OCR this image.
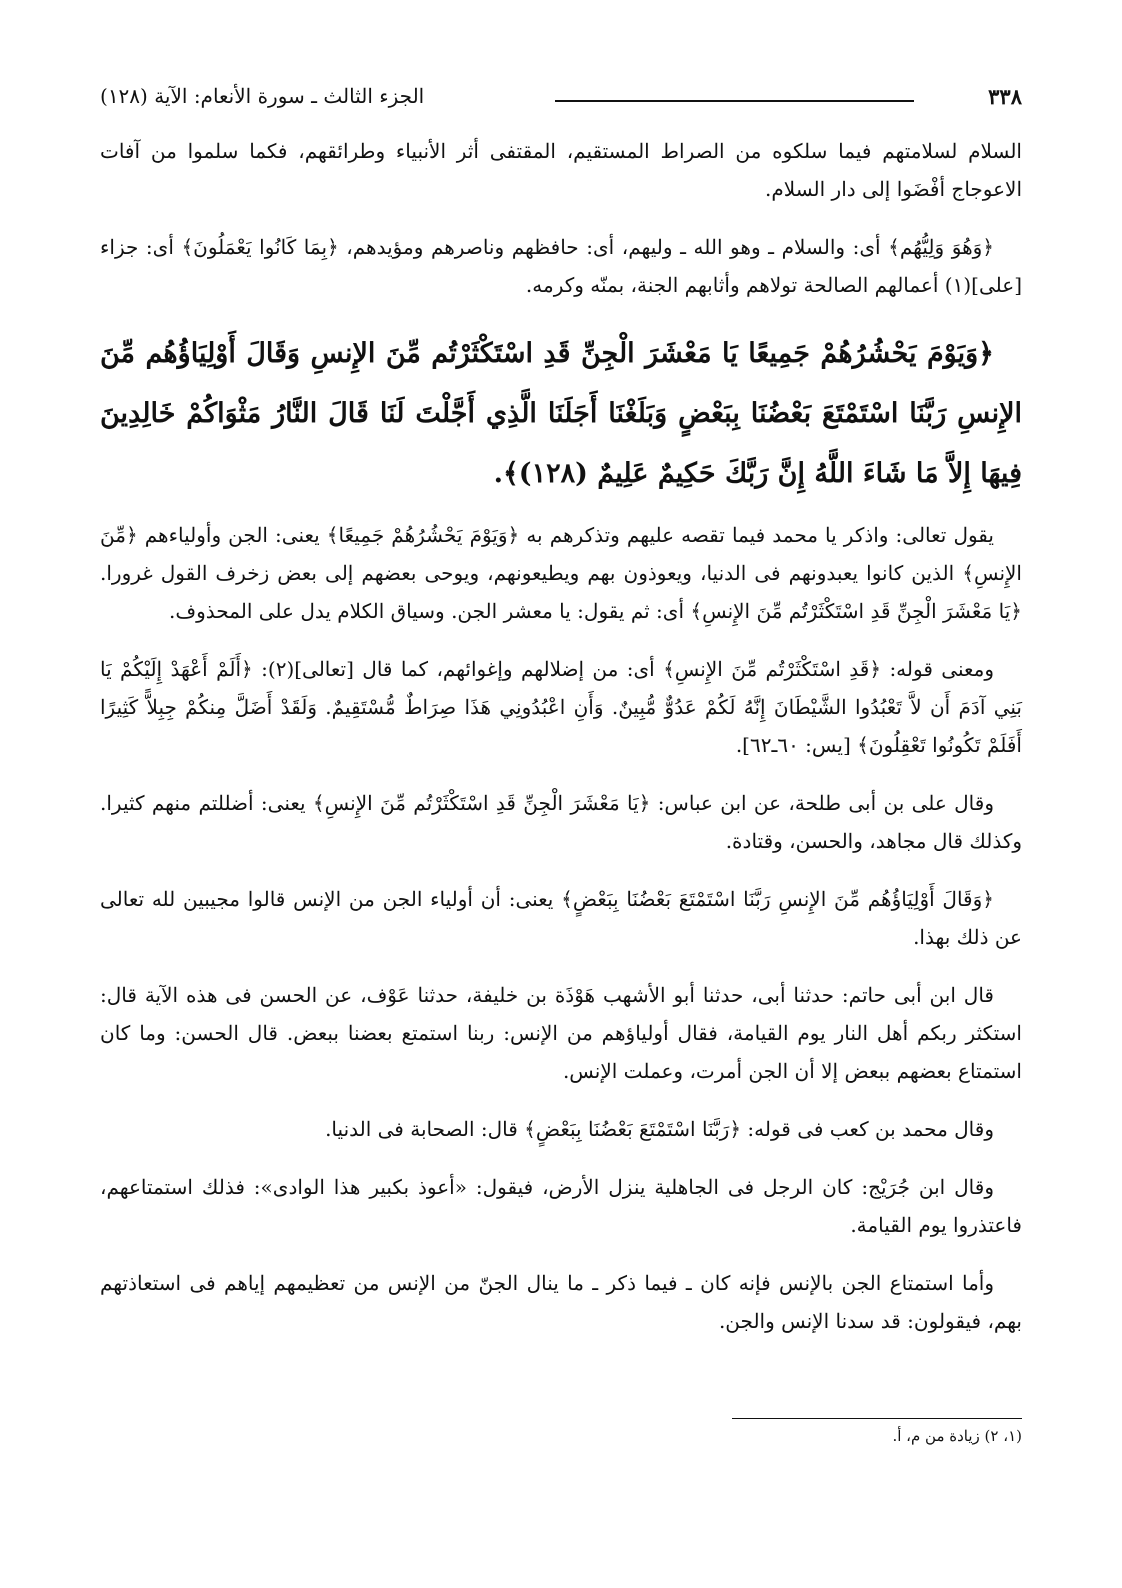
٣٣٨
الجزء الثالث ـ سورة الأنعام: الآية (١٢٨)

السلام لسلامتهم فيما سلكوه من الصراط المستقيم، المقتفى أثر الأنبياء وطرائقهم، فكما سلموا من آفات الاعوجاج أفْضَوا إلى دار السلام.

﴿وَهُوَ وَلِيُّهُم﴾ أى: والسلام ـ وهو الله ـ وليهم، أى: حافظهم وناصرهم ومؤيدهم، ﴿بِمَا كَانُوا يَعْمَلُونَ﴾ أى: جزاء [على](١) أعمالهم الصالحة تولاهم وأثابهم الجنة، بمنّه وكرمه.

﴿وَيَوْمَ يَحْشُرُهُمْ جَمِيعًا يَا مَعْشَرَ الْجِنِّ قَدِ اسْتَكْثَرْتُم مِّنَ الإِنسِ وَقَالَ أَوْلِيَاؤُهُم مِّنَ الإِنسِ رَبَّنَا اسْتَمْتَعَ بَعْضُنَا بِبَعْضٍ وَبَلَغْنَا أَجَلَنَا الَّذِي أَجَّلْتَ لَنَا قَالَ النَّارُ مَثْوَاكُمْ خَالِدِينَ فِيهَا إِلاَّ مَا شَاءَ اللَّهُ إِنَّ رَبَّكَ حَكِيمٌ عَلِيمٌ (١٢٨)﴾.

يقول تعالى: واذكر يا محمد فيما تقصه عليهم وتذكرهم به ﴿وَيَوْمَ يَحْشُرُهُمْ جَمِيعًا﴾ يعنى: الجن وأولياءهم ﴿مِّنَ الإِنسِ﴾ الذين كانوا يعبدونهم فى الدنيا، ويعوذون بهم ويطيعونهم، ويوحى بعضهم إلى بعض زخرف القول غرورا. ﴿يَا مَعْشَرَ الْجِنِّ قَدِ اسْتَكْثَرْتُم مِّنَ الإِنسِ﴾ أى: ثم يقول: يا معشر الجن. وسياق الكلام يدل على المحذوف.

ومعنى قوله: ﴿قَدِ اسْتَكْثَرْتُم مِّنَ الإِنسِ﴾ أى: من إضلالهم وإغوائهم، كما قال [تعالى](٢): ﴿أَلَمْ أَعْهَدْ إِلَيْكُمْ يَا بَنِي آدَمَ أَن لاَّ تَعْبُدُوا الشَّيْطَانَ إِنَّهُ لَكُمْ عَدُوٌّ مُّبِينٌ. وَأَنِ اعْبُدُونِي هَذَا صِرَاطٌ مُّسْتَقِيمٌ. وَلَقَدْ أَضَلَّ مِنكُمْ جِبِلاًّ كَثِيرًا أَفَلَمْ تَكُونُوا تَعْقِلُونَ﴾ [يس: ٦٠ـ٦٢].

وقال على بن أبى طلحة، عن ابن عباس: ﴿يَا مَعْشَرَ الْجِنِّ قَدِ اسْتَكْثَرْتُم مِّنَ الإِنسِ﴾ يعنى: أضللتم منهم كثيرا. وكذلك قال مجاهد، والحسن، وقتادة.

﴿وَقَالَ أَوْلِيَاؤُهُم مِّنَ الإِنسِ رَبَّنَا اسْتَمْتَعَ بَعْضُنَا بِبَعْضٍ﴾ يعنى: أن أولياء الجن من الإنس قالوا مجيبين لله تعالى عن ذلك بهذا.

قال ابن أبى حاتم: حدثنا أبى، حدثنا أبو الأشهب هَوْذَة بن خليفة، حدثنا عَوْف، عن الحسن فى هذه الآية قال: استكثر ربكم أهل النار يوم القيامة، فقال أولياؤهم من الإنس: ربنا استمتع بعضنا ببعض. قال الحسن: وما كان استمتاع بعضهم ببعض إلا أن الجن أمرت، وعملت الإنس.

وقال محمد بن كعب فى قوله: ﴿رَبَّنَا اسْتَمْتَعَ بَعْضُنَا بِبَعْضٍ﴾ قال: الصحابة فى الدنيا.

وقال ابن جُرَيْج: كان الرجل فى الجاهلية ينزل الأرض، فيقول: «أعوذ بكبير هذا الوادى»: فذلك استمتاعهم، فاعتذروا يوم القيامة.

وأما استمتاع الجن بالإنس فإنه كان ـ فيما ذكر ـ ما ينال الجنّ من الإنس من تعظيمهم إياهم فى استعاذتهم بهم، فيقولون: قد سدنا الإنس والجن.

(١، ٢) زيادة من م، أ.
